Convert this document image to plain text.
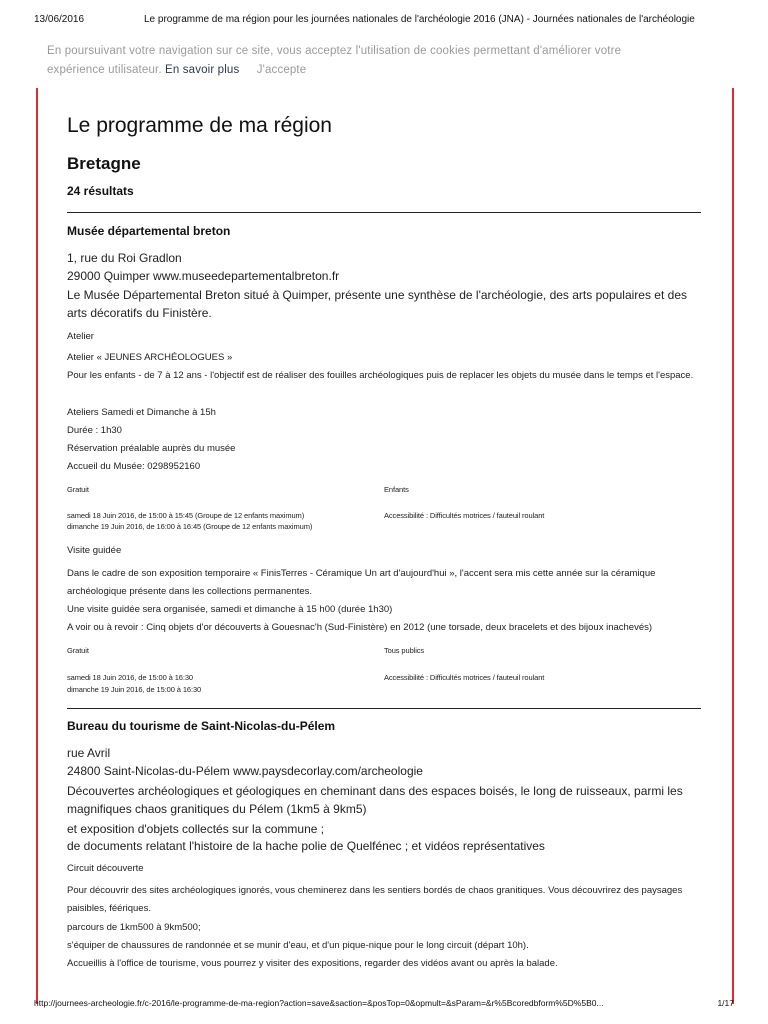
13/06/2016	Le programme de ma région pour les journées nationales de l'archéologie 2016 (JNA) - Journées nationales de l'archéologie
En poursuivant votre navigation sur ce site, vous acceptez l'utilisation de cookies permettant d'améliorer votre
expérience utilisateur. En savoir plus J'accepte
Le programme de ma région
Bretagne
24 résultats
Musée départemental breton
1, rue du Roi Gradlon
29000 Quimper www.museedepartementalbreton.fr
Le Musée Départemental Breton situé à Quimper, présente une synthèse de l'archéologie, des arts populaires et des arts décoratifs du Finistère.
Atelier
Atelier « JEUNES ARCHÉOLOGUES »
Pour les enfants - de 7 à 12 ans - l'objectif est de réaliser des fouilles archéologiques puis de replacer les objets du musée dans le temps et l'espace.
Ateliers Samedi et Dimanche à 15h
Durée : 1h30
Réservation préalable auprès du musée
Accueil du Musée: 0298952160
Gratuit	Enfants
samedi 18 Juin 2016, de 15:00 à 15:45 (Groupe de 12 enfants maximum)
dimanche 19 Juin 2016, de 16:00 à 16:45 (Groupe de 12 enfants maximum)
Accessibilité : Difficultés motrices / fauteuil roulant
Visite guidée
Dans le cadre de son exposition temporaire « FinisTerres - Céramique Un art d'aujourd'hui », l'accent sera mis cette année sur la céramique archéologique présente dans les collections permanentes.
Une visite guidée sera organisée, samedi et dimanche à 15 h00 (durée 1h30)
A voir ou à revoir : Cinq objets d'or découverts à Gouesnac'h (Sud-Finistère) en 2012 (une torsade, deux bracelets et des bijoux inachevés)
Gratuit	Tous publics
samedi 18 Juin 2016, de 15:00 à 16:30
dimanche 19 Juin 2016, de 15:00 à 16:30
Accessibilité : Difficultés motrices / fauteuil roulant
Bureau du tourisme de Saint-Nicolas-du-Pélem
rue Avril
24800 Saint-Nicolas-du-Pélem www.paysdecorlay.com/archeologie
Découvertes archéologiques et géologiques en cheminant dans des espaces boisés, le long de ruisseaux, parmi les magnifiques chaos granitiques du Pélem (1km5 à 9km5)
et exposition d'objets collectés sur la commune ;
de documents relatant l'histoire de la hache polie de Quelfénec ; et vidéos représentatives
Circuit découverte
Pour découvrir des sites archéologiques ignorés, vous cheminerez dans les sentiers bordés de chaos granitiques. Vous découvrirez des paysages paisibles, féériques.
parcours de 1km500 à 9km500;
s'équiper de chaussures de randonnée et se munir d'eau, et d'un pique-nique pour le long circuit (départ 10h).
Accueillis à l'office de tourisme, vous pourrez y visiter des expositions, regarder des vidéos avant ou après la balade.
http://journees-archeologie.fr/c-2016/le-programme-de-ma-region?action=save&saction=&posTop=0&opmult=&sParam=&r%5Bcoredbform%5D%5B0...	1/17
